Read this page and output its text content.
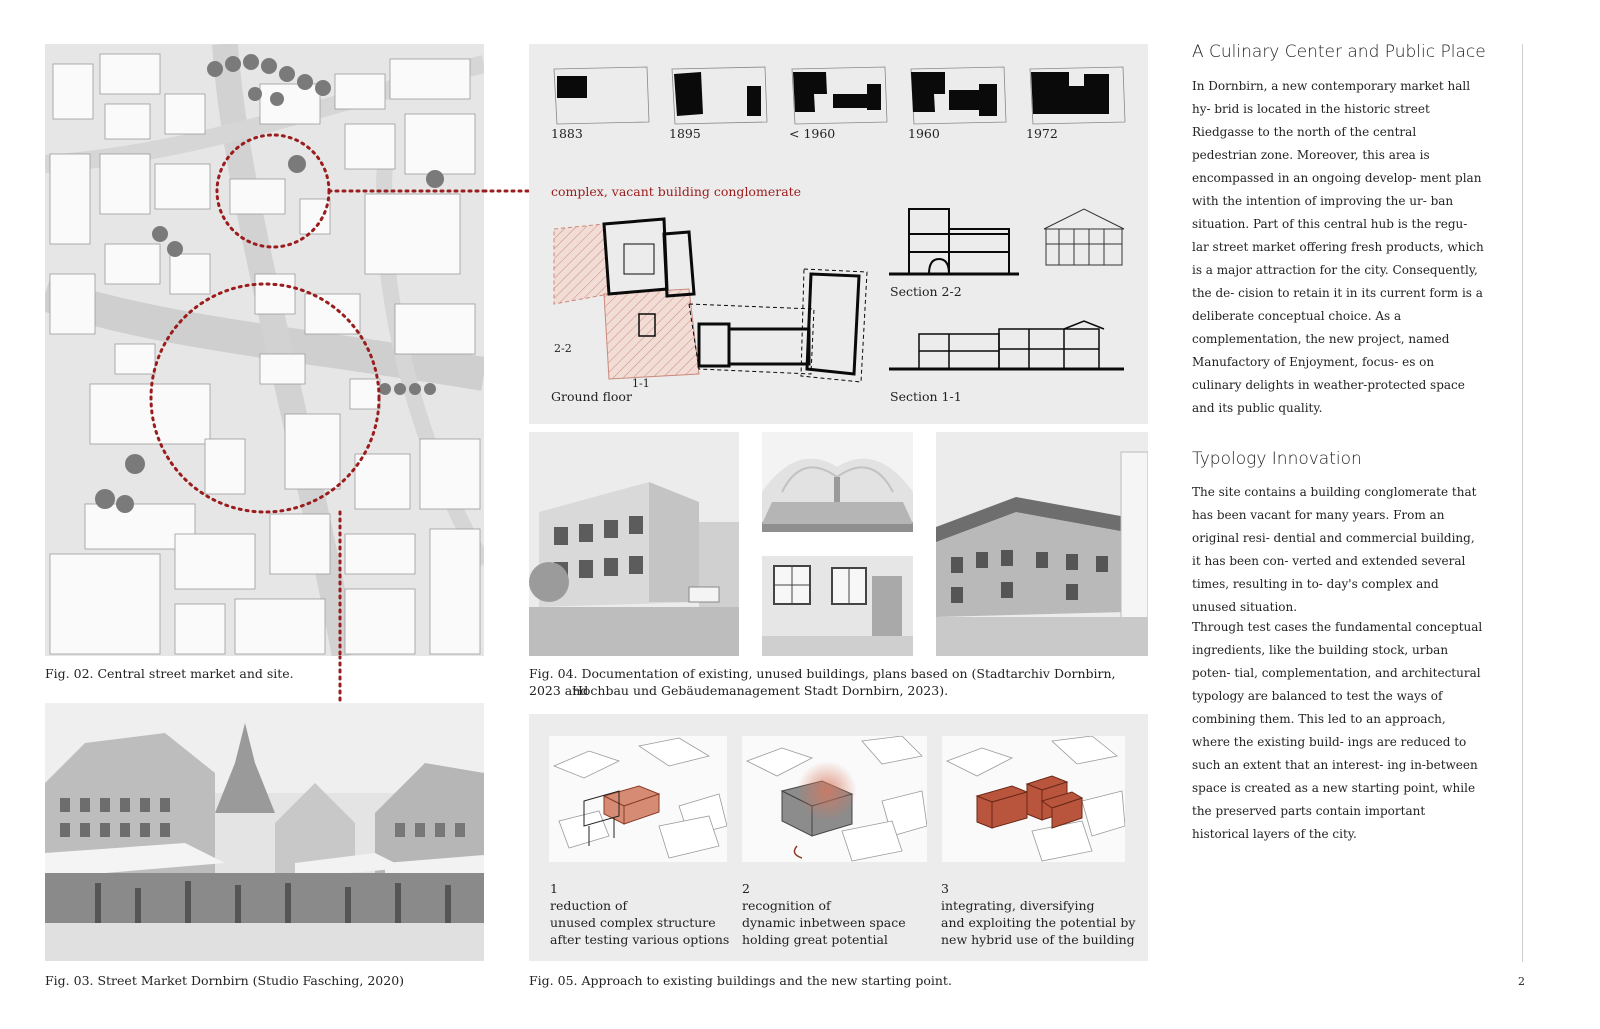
Fig. 02. Central street market and site.
Fig. 03. Street Market Dornbirn (Studio Fasching, 2020)
1883	1895	< 1960	1960	1972
complex, vacant building conglomerate
2-2
1-1
Ground floor
Section 2-2
Section 1-1
Fig. 04. Documentation of existing, unused buildings, plans based on (Stadtarchiv Dornbirn, 2023 and
Hochbau und Gebäudemanagement Stadt Dornbirn, 2023).
1
reduction of
unused complex structure
after testing various options
2
recognition of
dynamic inbetween space
holding great potential
3
integrating, diversifying
and exploiting the potential by
new hybrid use of the building
Fig. 05. Approach to existing buildings and the new starting point.
A Culinary Center and Public Place
In Dornbirn, a new contemporary market hall hy- brid is located in the historic street Riedgasse to the north of the central pedestrian zone. Moreover, this area is encompassed in an ongoing develop- ment plan with the intention of improving the ur- ban situation. Part of this central hub is the regu- lar street market offering fresh products, which is a major attraction for the city. Consequently, the de- cision to retain it in its current form is a deliberate conceptual choice. As a complementation, the new project, named Manufactory of Enjoyment, focus- es on culinary delights in weather-protected space and its public quality.
Typology Innovation
The site contains a building conglomerate that has been vacant for many years. From an original resi- dential and commercial building, it has been con- verted and extended several times, resulting in to- day's complex and unused situation.
Through test cases the fundamental conceptual ingredients, like the building stock, urban poten- tial, complementation, and architectural typology are balanced to test the ways of combining them. This led to an approach, where the existing build- ings are reduced to such an extent that an interest- ing in-between space is created as a new starting point, while the preserved parts contain important historical layers of the city.
2
